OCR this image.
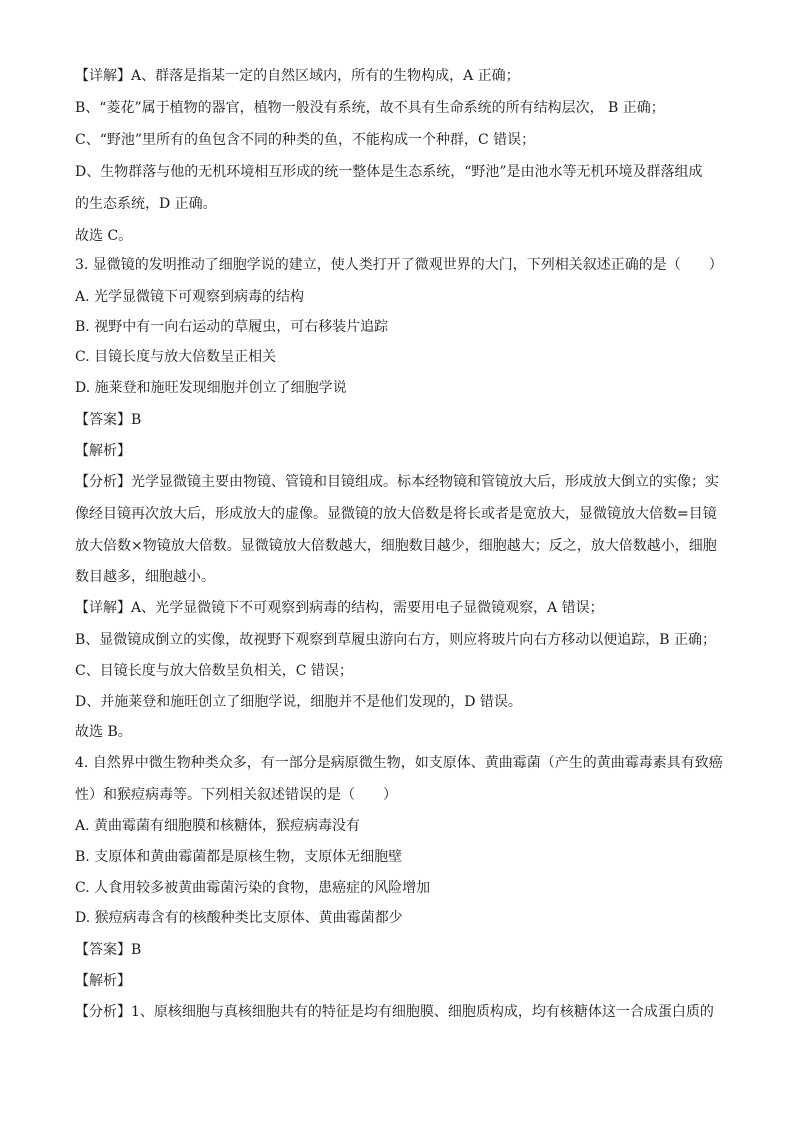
【详解】A、群落是指某一定的自然区域内，所有的生物构成，A 正确；
B、“菱花”属于植物的器官，植物一般没有系统，故不具有生命系统的所有结构层次， B 正确；
C、“野池”里所有的鱼包含不同的种类的鱼，不能构成一个种群，C 错误；
D、生物群落与他的无机环境相互形成的统一整体是生态系统，“野池”是由池水等无机环境及群落组成
的生态系统，D 正确。
故选 C。
3. 显微镜的发明推动了细胞学说的建立，使人类打开了微观世界的大门，下列相关叙述正确的是（　　）
A. 光学显微镜下可观察到病毒的结构
B. 视野中有一向右运动的草履虫，可右移装片追踪
C. 目镜长度与放大倍数呈正相关
D. 施莱登和施旺发现细胞并创立了细胞学说
【答案】B
【解析】
【分析】光学显微镜主要由物镜、管镜和目镜组成。标本经物镜和管镜放大后，形成放大倒立的实像；实
像经目镜再次放大后，形成放大的虚像。显微镜的放大倍数是将长或者是宽放大，显微镜放大倍数=目镜
放大倍数×物镜放大倍数。显微镜放大倍数越大，细胞数目越少，细胞越大；反之，放大倍数越小，细胞
数目越多，细胞越小。
【详解】A、光学显微镜下不可观察到病毒的结构，需要用电子显微镜观察，A 错误；
B、显微镜成倒立的实像，故视野下观察到草履虫游向右方，则应将玻片向右方移动以便追踪，B 正确；
C、目镜长度与放大倍数呈负相关，C 错误；
D、并施莱登和施旺创立了细胞学说，细胞并不是他们发现的，D 错误。
故选 B。
4. 自然界中微生物种类众多，有一部分是病原微生物，如支原体、黄曲霉菌（产生的黄曲霉毒素具有致癌
性）和猴痘病毒等。下列相关叙述错误的是（　　）
A. 黄曲霉菌有细胞膜和核糖体，猴痘病毒没有
B. 支原体和黄曲霉菌都是原核生物，支原体无细胞壁
C. 人食用较多被黄曲霉菌污染的食物，患癌症的风险增加
D. 猴痘病毒含有的核酸种类比支原体、黄曲霉菌都少
【答案】B
【解析】
【分析】1、原核细胞与真核细胞共有的特征是均有细胞膜、细胞质构成，均有核糖体这一合成蛋白质的
